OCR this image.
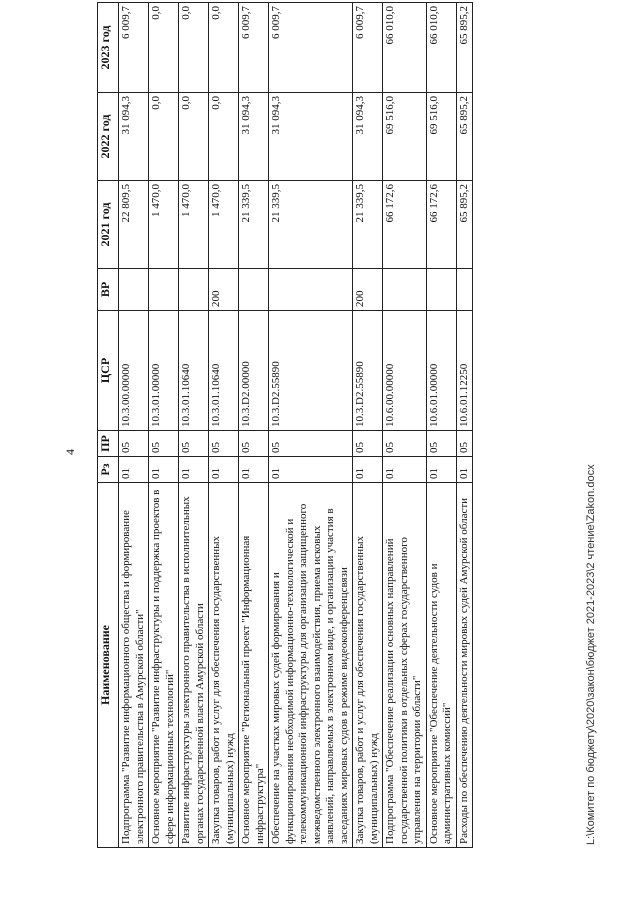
4
Наименование	Рз	ПР	ЦСР	ВР	2021 год	2022 год	2023 год
Подпрограмма "Развитие информационного общества и формирование электронного правительства в Амурской области"	01	05	10.3.00.00000		22 809,5	31 094,3	6 009,7
Основное мероприятие "Развитие инфраструктуры и поддержка проектов в сфере информационных технологий"	01	05	10.3.01.00000		1 470,0	0,0	0,0
Развитие инфраструктуры электронного правительства в исполнительных органах государственной власти Амурской области	01	05	10.3.01.10640		1 470,0	0,0	0,0
Закупка товаров, работ и услуг для обеспечения государственных (муниципальных) нужд	01	05	10.3.01.10640	200	1 470,0	0,0	0,0
Основное мероприятие "Региональный проект "Информационная инфраструктура"	01	05	10.3.D2.00000		21 339,5	31 094,3	6 009,7
Обеспечение на участках мировых судей формирования и функционирования необходимой информационно-технологической и телекоммуникационной инфраструктуры для организации защищенного межведомственного электронного взаимодействия, приема исковых заявлений, направляемых в электронном виде, и организации участия в заседаниях мировых судов в режиме видеоконференцсвязи	01	05	10.3.D2.55890		21 339,5	31 094,3	6 009,7
Закупка товаров, работ и услуг для обеспечения государственных (муниципальных) нужд	01	05	10.3.D2.55890	200	21 339,5	31 094,3	6 009,7
Подпрограмма "Обеспечение реализации основных направлений государственной политики в отдельных сферах государственного управления на территории области"	01	05	10.6.00.00000		66 172,6	69 516,0	66 010,0
Основное мероприятие "Обеспечение деятельности судов и административных комиссий"	01	05	10.6.01.00000		66 172,6	69 516,0	66 010,0
Расходы по обеспечению деятельности мировых судей Амурской области	01	05	10.6.01.12250		65 895,2	65 895,2	65 895,2
L:\Комитет по бюджету\2020\закон\бюджет 2021-2023\2 чтение\Zakon.docx
